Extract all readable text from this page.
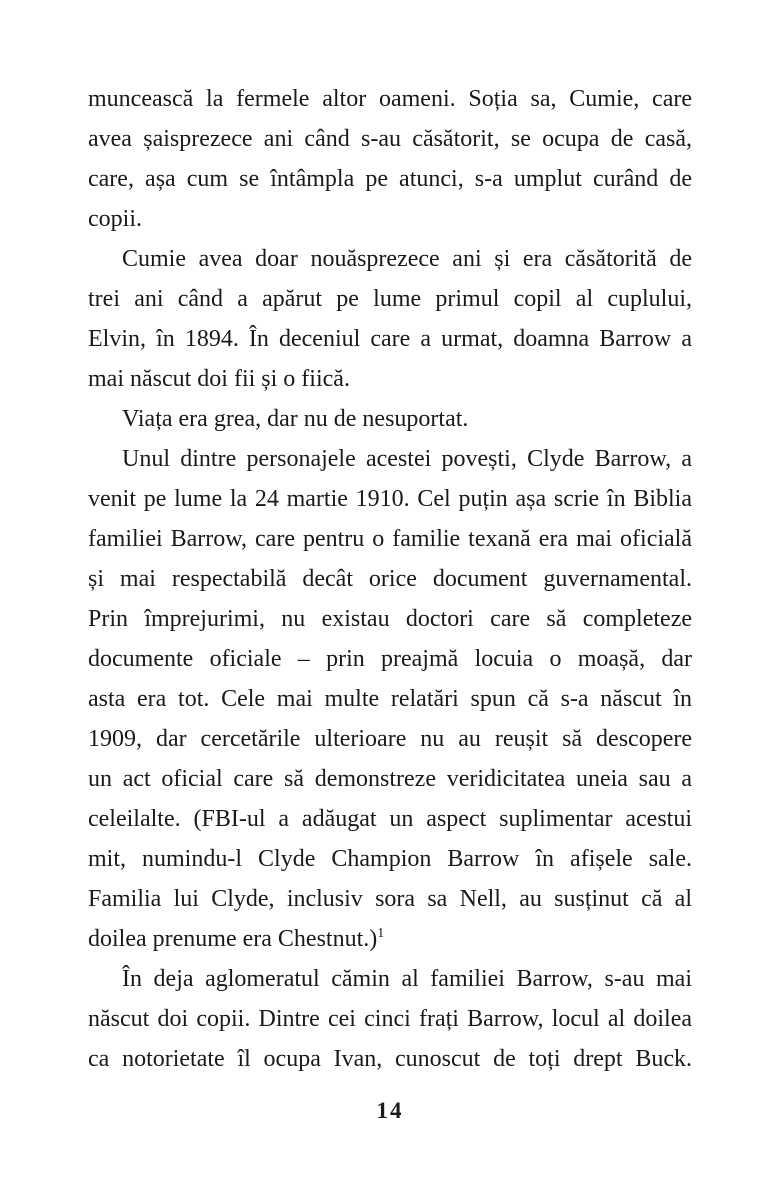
muncească la fermele altor oameni. Soția sa, Cumie, care
avea șaisprezece ani când s-au căsătorit, se ocupa de casă,
care, așa cum se întâmpla pe atunci, s-a umplut curând de
copii.

Cumie avea doar nouăsprezece ani și era căsătorită de
trei ani când a apărut pe lume primul copil al cuplului,
Elvin, în 1894. În deceniul care a urmat, doamna Barrow a
mai născut doi fii și o fiică.

Viața era grea, dar nu de nesuportat.

Unul dintre personajele acestei povești, Clyde Barrow, a
venit pe lume la 24 martie 1910. Cel puțin așa scrie în Biblia
familiei Barrow, care pentru o familie texană era mai oficială
și mai respectabilă decât orice document guvernamental.
Prin împrejurimi, nu existau doctori care să completeze
documente oficiale – prin preajmă locuia o moașă, dar
asta era tot. Cele mai multe relatări spun că s-a născut în
1909, dar cercetările ulterioare nu au reușit să descopere
un act oficial care să demonstreze veridicitatea uneia sau a
celeilalte. (FBI-ul a adăugat un aspect suplimentar acestui
mit, numindu-l Clyde Champion Barrow în afișele sale.
Familia lui Clyde, inclusiv sora sa Nell, au susținut că al
doilea prenume era Chestnut.)$^1$

În deja aglomeratul cămin al familiei Barrow, s-au mai
născut doi copii. Dintre cei cinci frați Barrow, locul al doilea
ca notorietate îl ocupa Ivan, cunoscut de toți drept Buck.

14
